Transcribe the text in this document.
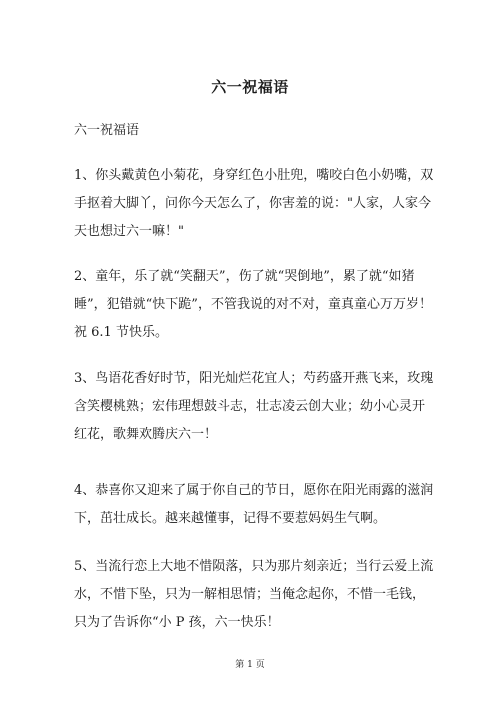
六一祝福语
六一祝福语
1、你头戴黄色小菊花，身穿红色小肚兜，嘴咬白色小奶嘴，双
手抠着大脚丫，问你今天怎么了，你害羞的说："人家，人家今
天也想过六一嘛！"
2、童年，乐了就“笑翻天”，伤了就“哭倒地”，累了就“如猪
睡”，犯错就“快下跪”，不管我说的对不对，童真童心万万岁！
祝 6.1 节快乐。
3、鸟语花香好时节，阳光灿烂花宜人；芍药盛开燕飞来，玫瑰
含笑樱桃熟；宏伟理想鼓斗志，壮志凌云创大业；幼小心灵开
红花，歌舞欢腾庆六一！
4、恭喜你又迎来了属于你自己的节日，愿你在阳光雨露的滋润
下，茁壮成长。越来越懂事，记得不要惹妈妈生气啊。
5、当流行恋上大地不惜陨落，只为那片刻亲近；当行云爱上流
水，不惜下坠，只为一解相思情；当俺念起你，不惜一毛钱，
只为了告诉你“小 P 孩，六一快乐！
第 1 页
